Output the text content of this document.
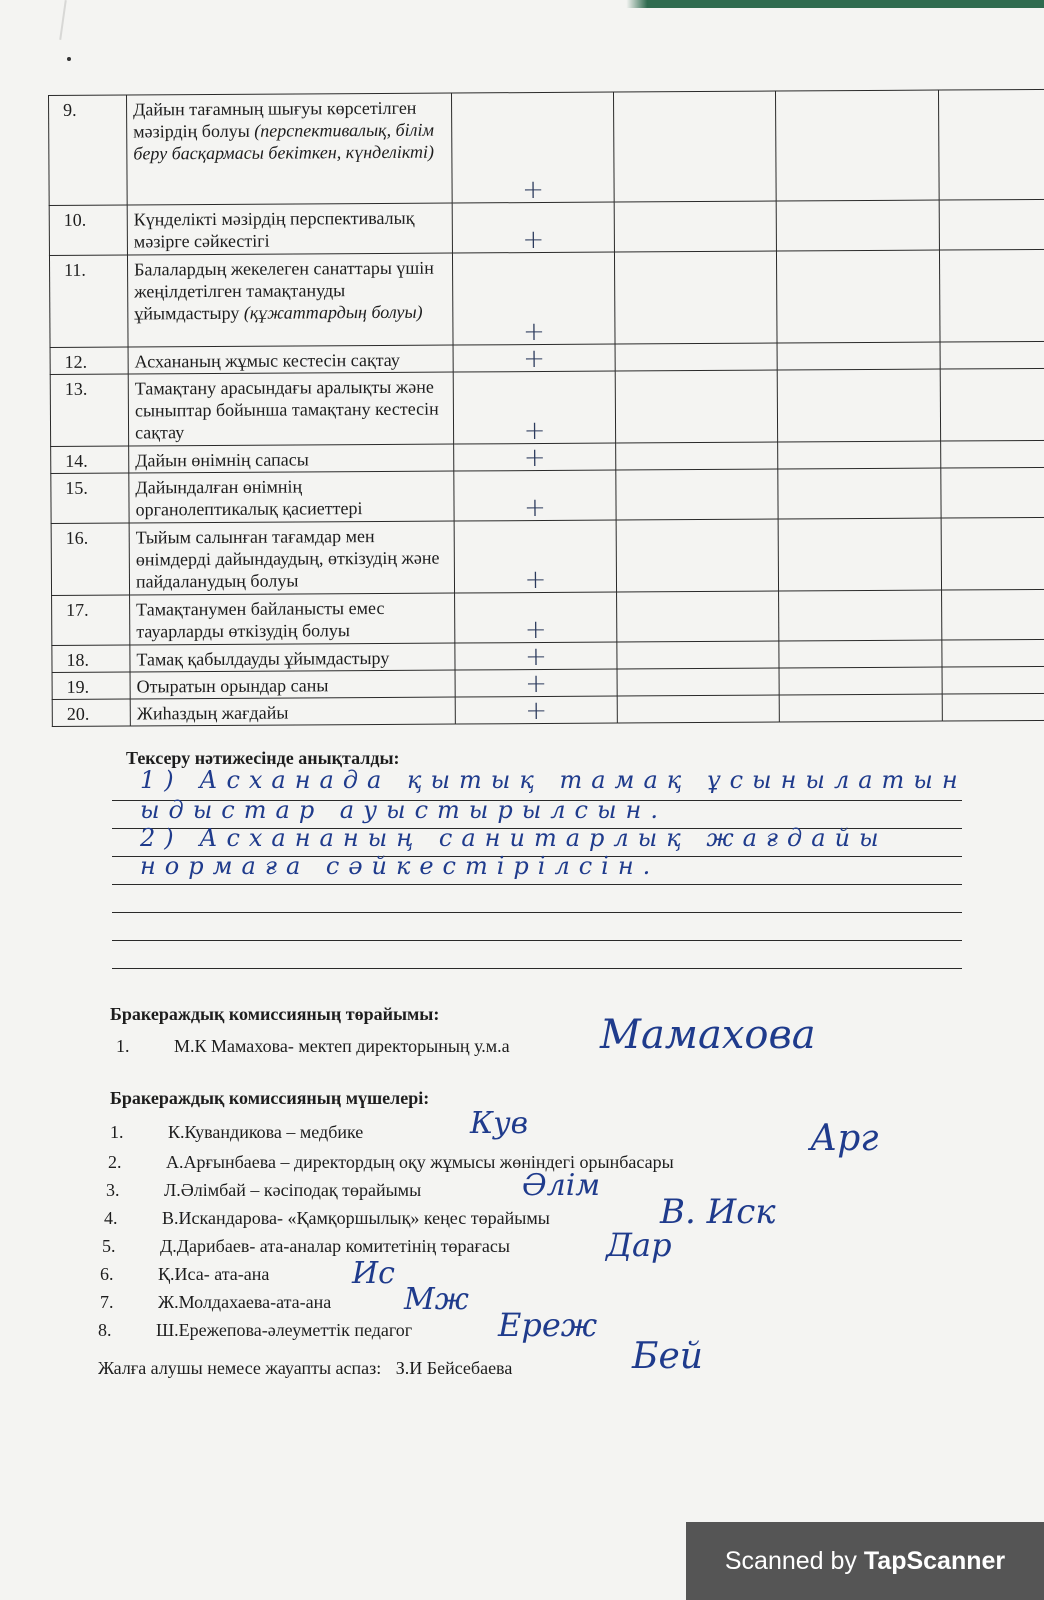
9.	Дайын тағамның шығуы көрсетілген мәзірдің болуы (перспективалық, білім беру басқармасы бекіткен, күнделікті)	+			
10.	Күнделікті мәзірдің перспективалық мәзірге сәйкестігі	+			
11.	Балалардың жекелеген санаттары үшін жеңілдетілген тамақтануды ұйымдастыру (құжаттардың болуы)	+			
12.	Асхананың жұмыс кестесін сақтау	+			
13.	Тамақтану арасындағы аралықты және сыныптар бойынша тамақтану кестесін сақтау	+			
14.	Дайын өнімнің сапасы	+			
15.	Дайындалған өнімнің органолептикалық қасиеттері	+			
16.	Тыйым салынған тағамдар мен өнімдерді дайындаудың, өткізудің және пайдаланудың болуы	+			
17.	Тамақтанумен байланысты емес тауарларды өткізудің болуы	+			
18.	Тамақ қабылдауды ұйымдастыру	+			
19.	Отыратын орындар саны	+			
20.	Жиһаздың жағдайы	+			
Тексеру нәтижесінде анықталды:
1) Асханада қытық тамақ ұсынылатын
ыдыстар ауыстырылсын.
2) Асхананың санитарлық жағдайы
нормаға сәйкестірілсін.
Бракераждық комиссияның төрайымы:
1. М.К Мамахова- мектеп директорының у.м.а Мамахова
Бракераждық комиссияның мүшелері:
1. К.Кувандикова – медбике
2. А.Арғынбаева – директордың оқу жұмысы жөніндегі орынбасары
3. Л.Әлімбай – кәсіподақ төрайымы
4. В.Искандарова- «Қамқоршылық» кеңес төрайымы
5. Д.Дарибаев- ата-аналар комитетінің төрағасы
6. Қ.Иса- ата-ана
7. Ж.Молдахаева-ата-ана
8. Ш.Ережепова-әлеуметтік педагог
Кув	Арг
Әлім
В. Иск
Дар
Ис
Мж
Ереж
Жалға алушы немесе жауапты аспаз: З.И Бейсебаева	Бей
Scanned by TapScanner
